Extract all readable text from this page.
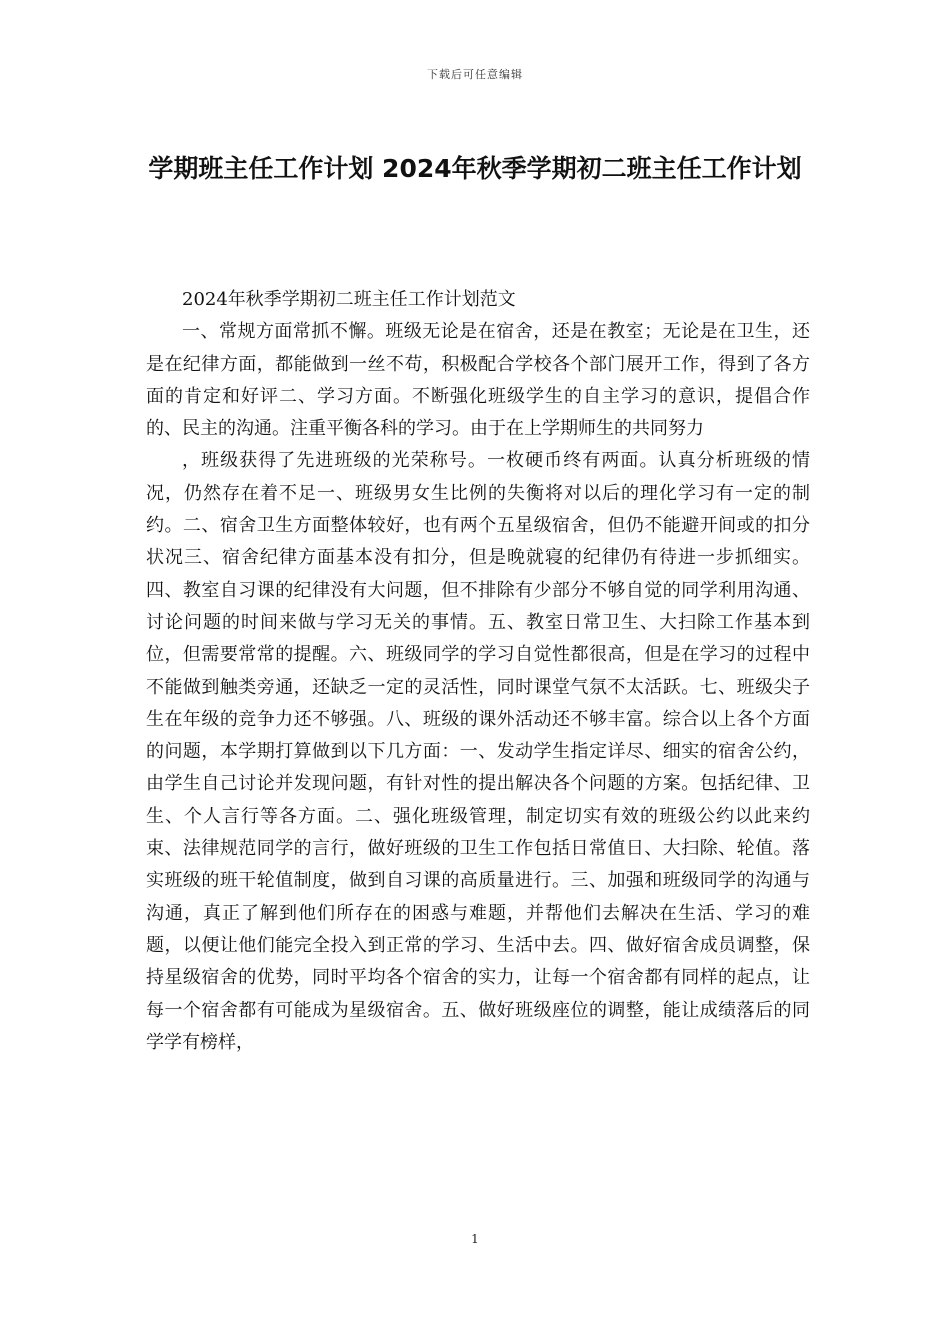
下载后可任意编辑
学期班主任工作计划 2024年秋季学期初二班主任工作计划

2024年秋季学期初二班主任工作计划范文

一、常规方面常抓不懈。班级无论是在宿舍，还是在教室；无论是在卫生，还是在纪律方面，都能做到一丝不苟，积极配合学校各个部门展开工作，得到了各方面的肯定和好评二、学习方面。不断强化班级学生的自主学习的意识，提倡合作的、民主的沟通。注重平衡各科的学习。由于在上学期师生的共同努力

，班级获得了先进班级的光荣称号。一枚硬币终有两面。认真分析班级的情况，仍然存在着不足一、班级男女生比例的失衡将对以后的理化学习有一定的制约。二、宿舍卫生方面整体较好，也有两个五星级宿舍，但仍不能避开间或的扣分状况三、宿舍纪律方面基本没有扣分，但是晚就寝的纪律仍有待进一步抓细实。四、教室自习课的纪律没有大问题，但不排除有少部分不够自觉的同学利用沟通、讨论问题的时间来做与学习无关的事情。五、教室日常卫生、大扫除工作基本到位，但需要常常的提醒。六、班级同学的学习自觉性都很高，但是在学习的过程中不能做到触类旁通，还缺乏一定的灵活性，同时课堂气氛不太活跃。七、班级尖子生在年级的竞争力还不够强。八、班级的课外活动还不够丰富。综合以上各个方面的问题，本学期打算做到以下几方面：一、发动学生指定详尽、细实的宿舍公约，由学生自己讨论并发现问题，有针对性的提出解决各个问题的方案。包括纪律、卫生、个人言行等各方面。二、强化班级管理，制定切实有效的班级公约以此来约束、法律规范同学的言行，做好班级的卫生工作包括日常值日、大扫除、轮值。落实班级的班干轮值制度，做到自习课的高质量进行。三、加强和班级同学的沟通与沟通，真正了解到他们所存在的困惑与难题，并帮他们去解决在生活、学习的难题，以便让他们能完全投入到正常的学习、生活中去。四、做好宿舍成员调整，保持星级宿舍的优势，同时平均各个宿舍的实力，让每一个宿舍都有同样的起点，让每一个宿舍都有可能成为星级宿舍。五、做好班级座位的调整，能让成绩落后的同学学有榜样，

1
